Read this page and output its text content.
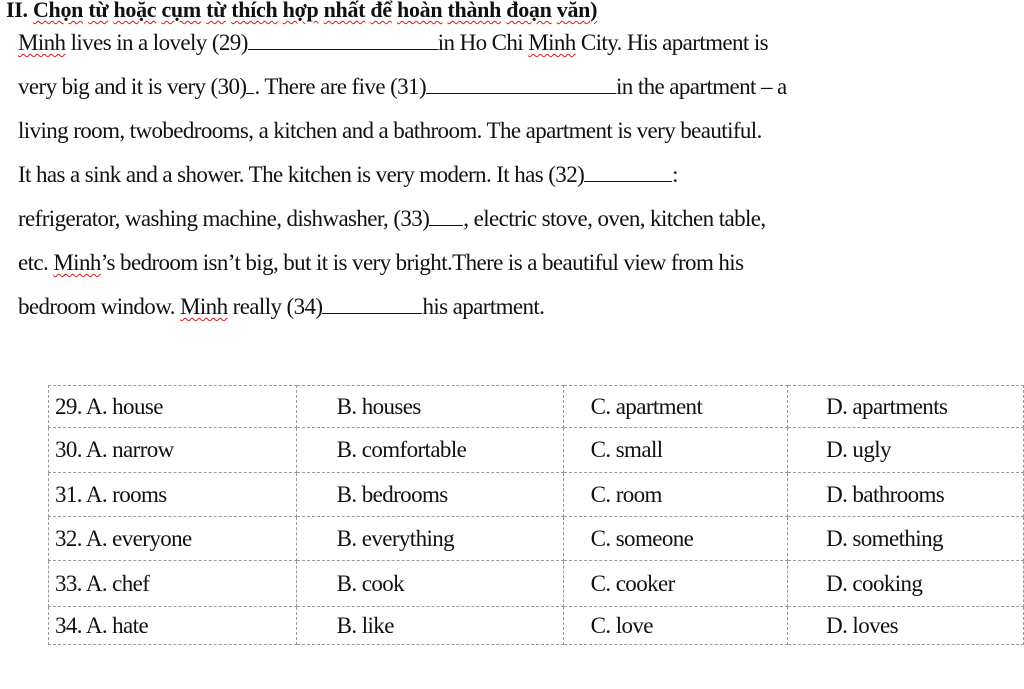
II. Chọn từ hoặc cụm từ thích hợp nhất để hoàn thành đoạn văn)
Minh lives in a lovely (29)	in Ho Chi Minh City. His apartment is
very big and it is very (30) . There are five (31)	in the apartment – a
living room, twobedrooms, a kitchen and a bathroom. The apartment is very beautiful.
It has a sink and a shower. The kitchen is very modern. It has (32)	:
refrigerator, washing machine, dishwasher, (33) , electric stove, oven, kitchen table,
etc. Minh’s bedroom isn’t big, but it is very bright.There is a beautiful view from his
bedroom window. Minh really (34)	his apartment.
29. A. house	B. houses	C. apartment	D. apartments
30. A. narrow	B. comfortable	C. small	D. ugly
31. A. rooms	B. bedrooms	C. room	D. bathrooms
32. A. everyone	B. everything	C. someone	D. something
33. A. chef	B. cook	C. cooker	D. cooking
34. A. hate	B. like	C. love	D. loves
